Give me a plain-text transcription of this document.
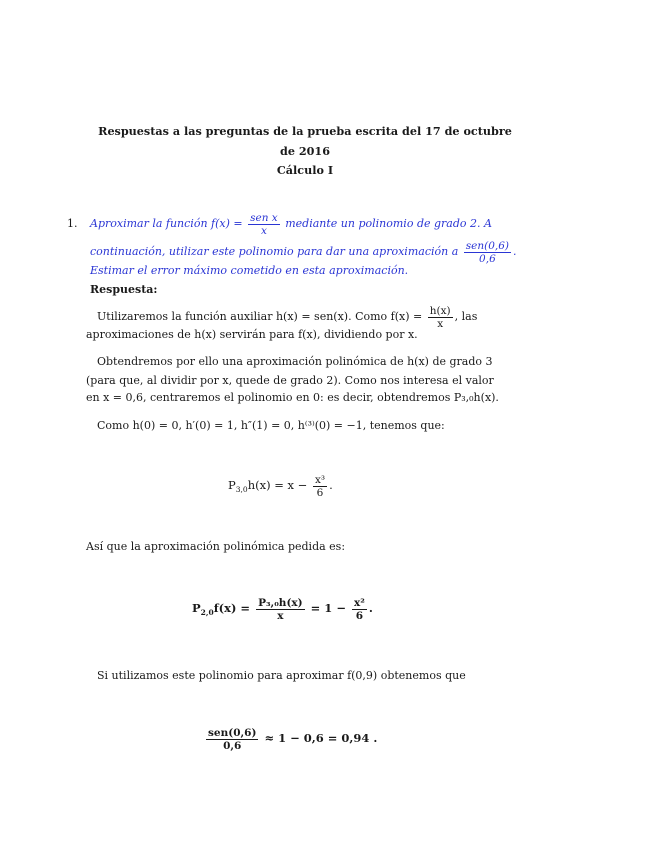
Respuestas a las preguntas de la prueba escrita del 17 de octubre
de 2016
Cálculo I
1. Aproximar la función $f(x) = \frac{\text{sen x}}{x}$ mediante un polinomio de grado 2. A
continuación, utilizar este polinomio para dar una aproximación a $\frac{\text{sen(0,6)}}{0,6}$ .
Estimar el error máximo cometido en esta aproximación.
Respuesta:
Utilizaremos la función auxiliar h(x) = sen(x). Como $f(x) = \frac{h(x)}{x}$ , las
aproximaciones de h(x) servirán para f(x), dividiendo por x.
Obtendremos por ello una aproximación polinómica de h(x) de grado 3
(para que, al dividir por x, quede de grado 2). Como nos interesa el valor
en x = 0,6, centraremos el polinomio en 0: es decir, obtendremos P₃,₀h(x).
Como h(0) = 0, h′(0) = 1, h″(1) = 0, h⁽³⁾(0) = −1, tenemos que:
$P_{3,0}h(x) = x - \frac{\text{x³}}{6}$ .
Así que la aproximación polinómica pedida es:
$P_{2,0}f(x) = \frac{\text{P₃,₀h(x)}}{x} = 1 - \frac{\text{x²}}{6}$ .
Si utilizamos este polinomio para aproximar f(0,9) obtenemos que
$\frac{\text{sen(0,6)}}{0,6} \approx 1 - 0,6 = 0,94$ .
